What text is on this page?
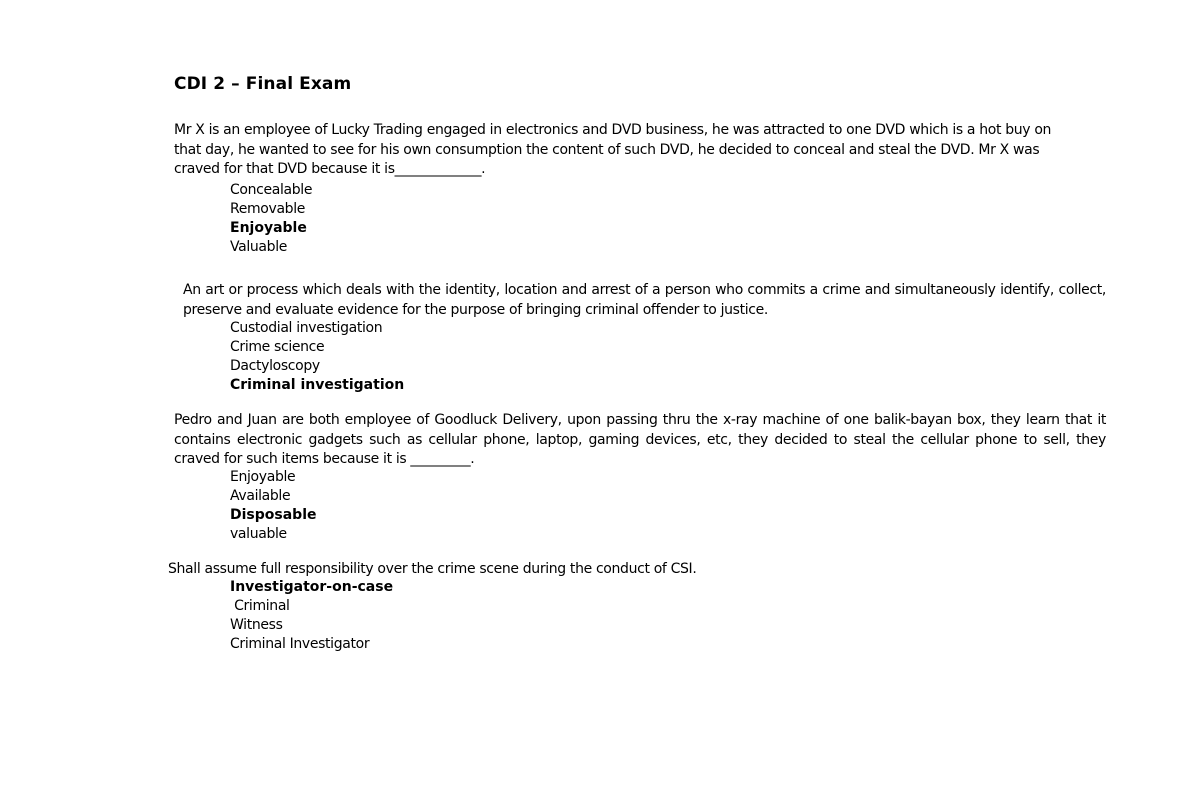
CDI 2 – Final Exam

Mr X is an employee of Lucky Trading engaged in electronics and DVD business, he was attracted to one DVD which is a hot buy on that day, he wanted to see for his own consumption the content of such DVD, he decided to conceal and steal the DVD. Mr X was craved for that DVD because it is_____________.

Concealable
Removable
Enjoyable
Valuable

An art or process which deals with the identity, location and arrest of a person who commits a crime and simultaneously identify, collect, preserve and evaluate evidence for the purpose of bringing criminal offender to justice.

Custodial investigation
Crime science
Dactyloscopy
Criminal investigation

Pedro and Juan are both employee of Goodluck Delivery, upon passing thru the x-ray machine of one balik-bayan box, they learn that it contains electronic gadgets such as cellular phone, laptop, gaming devices, etc, they decided to steal the cellular phone to sell, they craved for such items because it is _________.

Enjoyable
Available
Disposable
valuable

Shall assume full responsibility over the crime scene during the conduct of CSI.

Investigator-on-case
Criminal
Witness
Criminal Investigator
